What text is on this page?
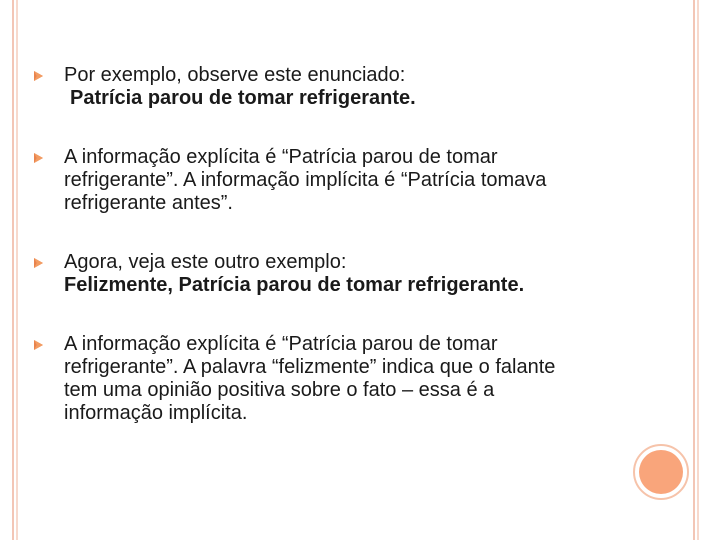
Por exemplo, observe este enunciado:
Patrícia parou de tomar refrigerante.
A informação explícita é “Patrícia parou de tomar
refrigerante”. A informação implícita é “Patrícia tomava
refrigerante antes”.
Agora, veja este outro exemplo:
Felizmente, Patrícia parou de tomar refrigerante.
A informação explícita é “Patrícia parou de tomar
refrigerante”. A palavra “felizmente” indica que o falante
tem uma opinião positiva sobre o fato – essa é a
informação implícita.
